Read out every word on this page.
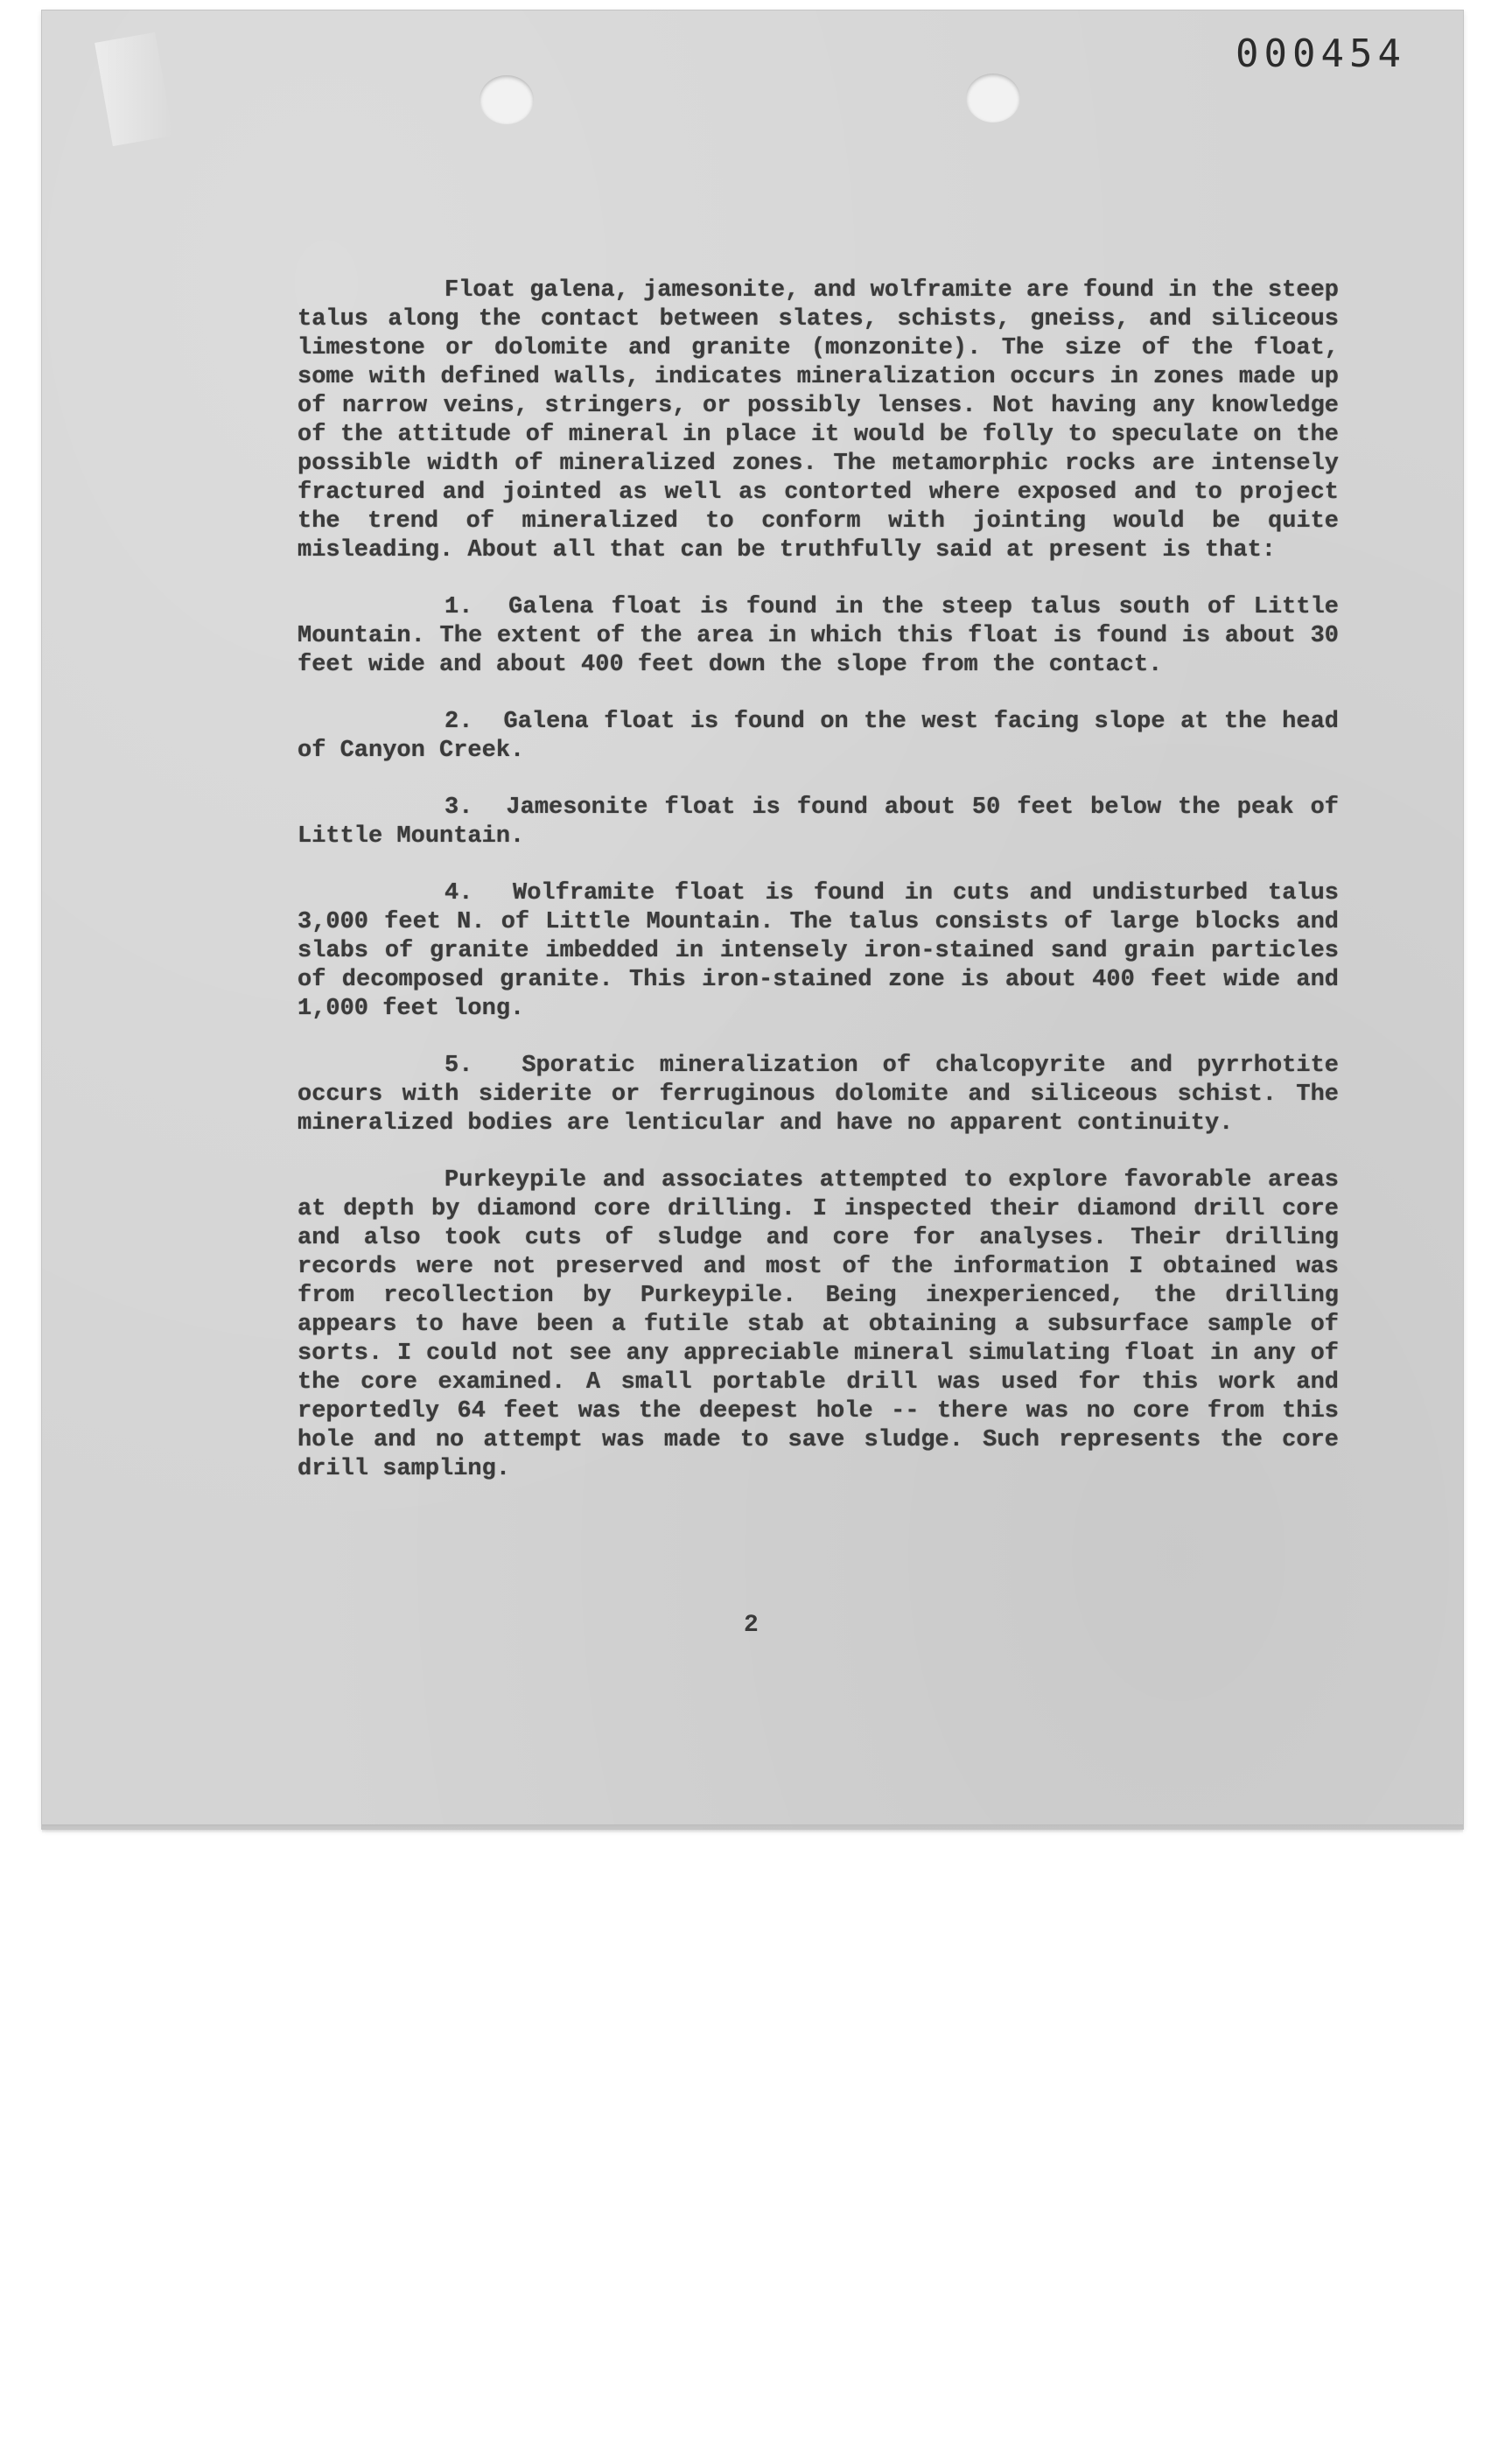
000454

Float galena, jamesonite, and wolframite are found in the steep talus along the contact between slates, schists, gneiss, and siliceous limestone or dolomite and granite (monzonite). The size of the float, some with defined walls, indicates mineralization occurs in zones made up of narrow veins, stringers, or possibly lenses. Not having any knowledge of the attitude of mineral in place it would be folly to speculate on the possible width of mineralized zones. The metamorphic rocks are intensely fractured and jointed as well as contorted where exposed and to project the trend of mineralized to conform with jointing would be quite misleading. About all that can be truthfully said at present is that:

1. Galena float is found in the steep talus south of Little Mountain. The extent of the area in which this float is found is about 30 feet wide and about 400 feet down the slope from the contact.

2. Galena float is found on the west facing slope at the head of Canyon Creek.

3. Jamesonite float is found about 50 feet below the peak of Little Mountain.

4. Wolframite float is found in cuts and undisturbed talus 3,000 feet N. of Little Mountain. The talus consists of large blocks and slabs of granite imbedded in intensely iron-stained sand grain particles of decomposed granite. This iron-stained zone is about 400 feet wide and 1,000 feet long.

5. Sporatic mineralization of chalcopyrite and pyrrhotite occurs with siderite or ferruginous dolomite and siliceous schist. The mineralized bodies are lenticular and have no apparent continuity.

Purkeypile and associates attempted to explore favorable areas at depth by diamond core drilling. I inspected their diamond drill core and also took cuts of sludge and core for analyses. Their drilling records were not preserved and most of the information I obtained was from recollection by Purkeypile. Being inexperienced, the drilling appears to have been a futile stab at obtaining a subsurface sample of sorts. I could not see any appreciable mineral simulating float in any of the core examined. A small portable drill was used for this work and reportedly 64 feet was the deepest hole -- there was no core from this hole and no attempt was made to save sludge. Such represents the core drill sampling.

2
